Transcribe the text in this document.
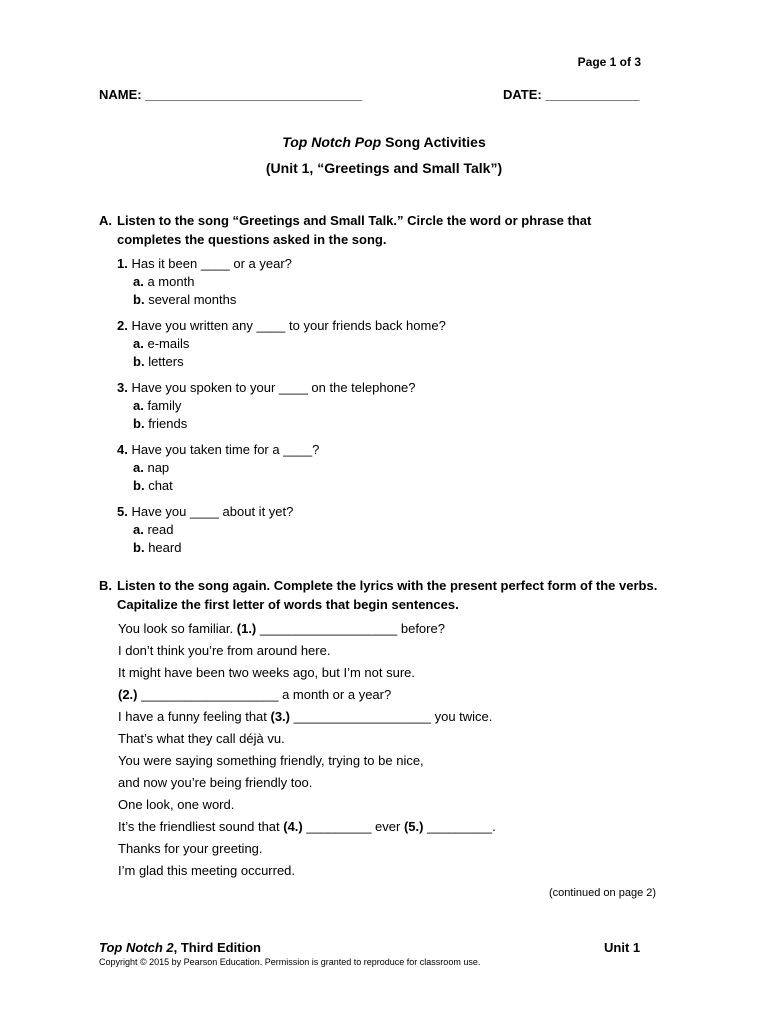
Page 1 of 3
NAME: ______________________________	DATE: _____________
Top Notch Pop Song Activities
(Unit 1, “Greetings and Small Talk”)
A. Listen to the song “Greetings and Small Talk.” Circle the word or phrase that completes the questions asked in the song.
1. Has it been ____ or a year?
a. a month
b. several months
2. Have you written any ____ to your friends back home?
a. e-mails
b. letters
3. Have you spoken to your ____ on the telephone?
a. family
b. friends
4. Have you taken time for a ____?
a. nap
b. chat
5. Have you ____ about it yet?
a. read
b. heard
B. Listen to the song again. Complete the lyrics with the present perfect form of the verbs. Capitalize the first letter of words that begin sentences.
You look so familiar. (1.) ___________________ before?
I don’t think you’re from around here.
It might have been two weeks ago, but I’m not sure.
(2.) ___________________ a month or a year?
I have a funny feeling that (3.) ___________________ you twice.
That’s what they call déjà vu.
You were saying something friendly, trying to be nice,
and now you’re being friendly too.
One look, one word.
It’s the friendliest sound that (4.) _________ ever (5.) _________.
Thanks for your greeting.
I’m glad this meeting occurred.
(continued on page 2)
Top Notch 2, Third Edition	Unit 1
Copyright © 2015 by Pearson Education. Permission is granted to reproduce for classroom use.
